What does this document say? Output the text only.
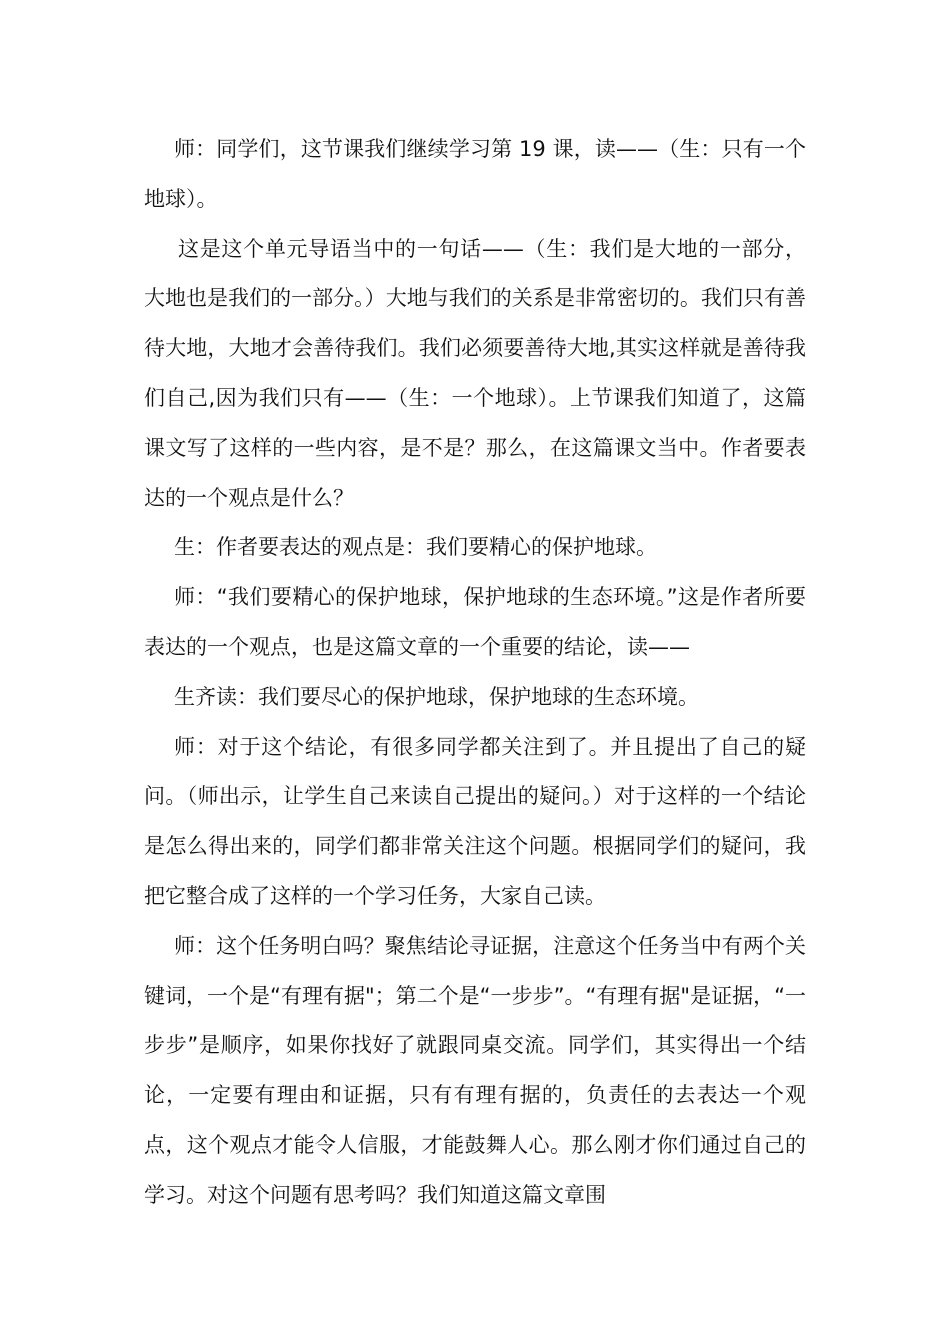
师：同学们，这节课我们继续学习第 19 课，读——（生：只有一个地球）。

这是这个单元导语当中的一句话——（生：我们是大地的一部分，大地也是我们的一部分。）大地与我们的关系是非常密切的。我们只有善待大地，大地才会善待我们。我们必须要善待大地,其实这样就是善待我们自己,因为我们只有——（生：一个地球）。上节课我们知道了，这篇课文写了这样的一些内容，是不是？那么，在这篇课文当中。作者要表达的一个观点是什么？

生：作者要表达的观点是：我们要精心的保护地球。

师：“我们要精心的保护地球，保护地球的生态环境。”这是作者所要表达的一个观点，也是这篇文章的一个重要的结论，读——

生齐读：我们要尽心的保护地球，保护地球的生态环境。

师：对于这个结论，有很多同学都关注到了。并且提出了自己的疑问。（师出示，让学生自己来读自己提出的疑问。）对于这样的一个结论是怎么得出来的，同学们都非常关注这个问题。根据同学们的疑问，我把它整合成了这样的一个学习任务，大家自己读。

师：这个任务明白吗？聚焦结论寻证据，注意这个任务当中有两个关键词，一个是“有理有据"；第二个是“一步步”。“有理有据"是证据，“一步步”是顺序，如果你找好了就跟同桌交流。同学们，其实得出一个结论，一定要有理由和证据，只有有理有据的，负责任的去表达一个观点，这个观点才能令人信服，才能鼓舞人心。那么刚才你们通过自己的学习。对这个问题有思考吗？我们知道这篇文章围
